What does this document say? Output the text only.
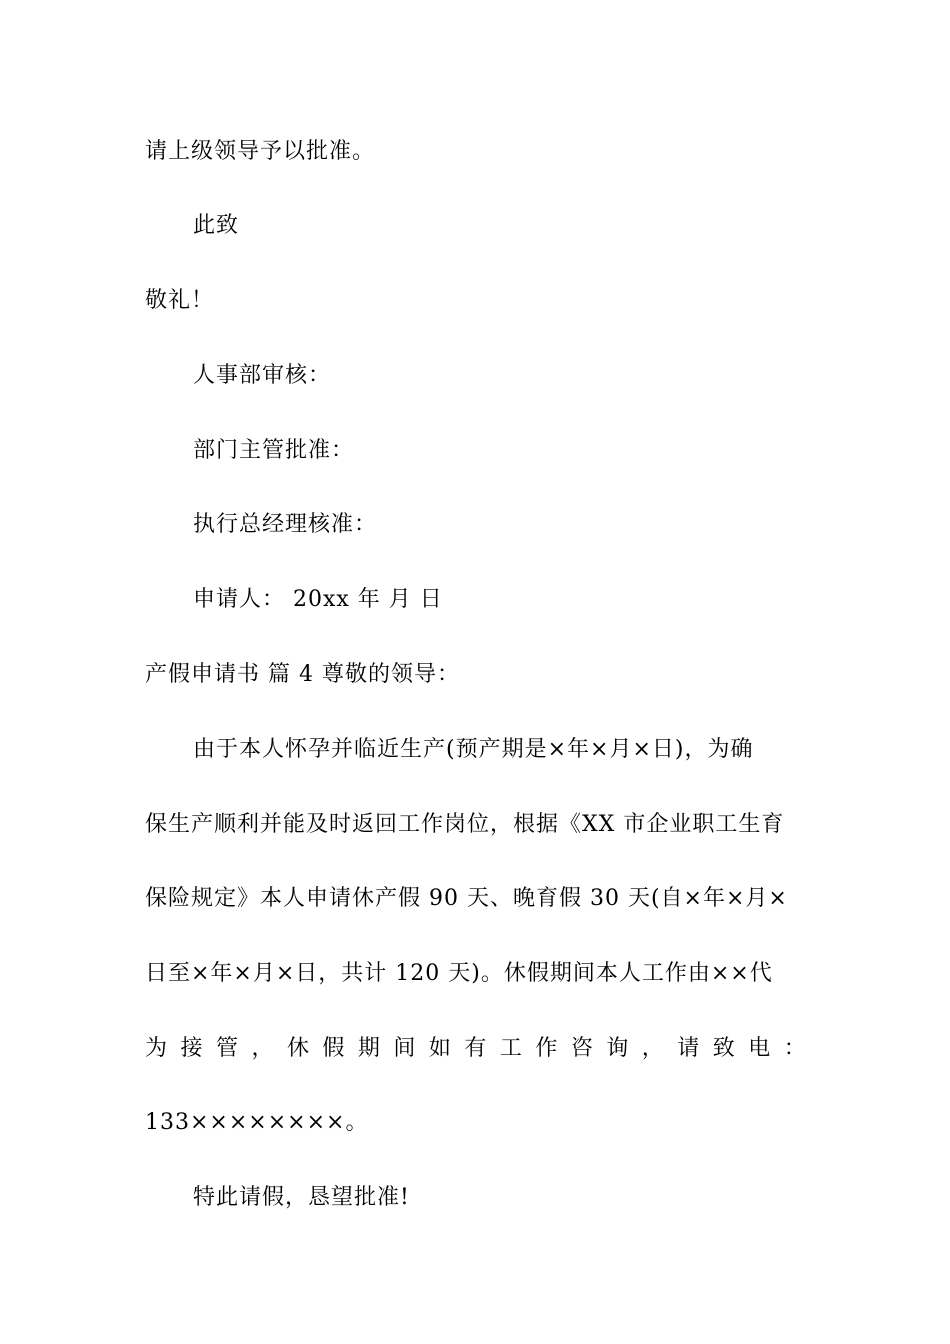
请上级领导予以批准。
此致
敬礼！
人事部审核：
部门主管批准：
执行总经理核准：
申请人： 20xx 年 月 日
产假申请书 篇 4 尊敬的领导：
由于本人怀孕并临近生产(预产期是×年×月×日)，为确
保生产顺利并能及时返回工作岗位，根据《XX 市企业职工生育
保险规定》本人申请休产假 90 天、晚育假 30 天(自×年×月×
日至×年×月×日，共计 120 天)。休假期间本人工作由××代
为 接 管 ， 休 假 期 间 如 有 工 作 咨 询 ， 请 致 电 ：
133××××××××。
特此请假，恳望批准!
